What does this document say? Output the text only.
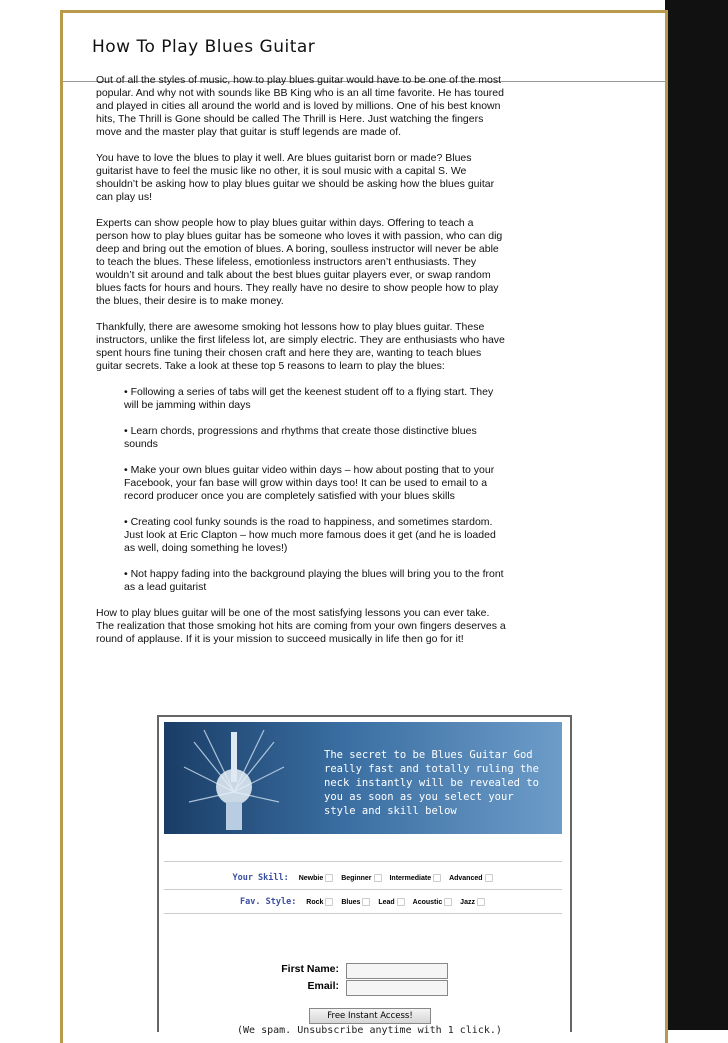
How To Play Blues Guitar

Out of all the styles of music, how to play blues guitar would have to be one of the most popular. And why not with sounds like BB King who is an all time favorite. He has toured and played in cities all around the world and is loved by millions. One of his best known hits, The Thrill is Gone should be called The Thrill is Here. Just watching the fingers move and the master play that guitar is stuff legends are made of.

You have to love the blues to play it well. Are blues guitarist born or made? Blues guitarist have to feel the music like no other, it is soul music with a capital S. We shouldn’t be asking how to play blues guitar we should be asking how the blues guitar can play us!

Experts can show people how to play blues guitar within days. Offering to teach a person how to play blues guitar has be someone who loves it with passion, who can dig deep and bring out the emotion of blues. A boring, soulless instructor will never be able to teach the blues. These lifeless, emotionless instructors aren’t enthusiasts. They wouldn’t sit around and talk about the best blues guitar players ever, or swap random blues facts for hours and hours. They really have no desire to show people how to play the blues, their desire is to make money.

Thankfully, there are awesome smoking hot lessons how to play blues guitar. These instructors, unlike the first lifeless lot, are simply electric. They are enthusiasts who have spent hours fine tuning their chosen craft and here they are, wanting to teach blues guitar secrets. Take a look at these top 5 reasons to learn to play the blues:

• Following a series of tabs will get the keenest student off to a flying start. They will be jamming within days

• Learn chords, progressions and rhythms that create those distinctive blues sounds

• Make your own blues guitar video within days – how about posting that to your Facebook, your fan base will grow within days too! It can be used to email to a record producer once you are completely satisfied with your blues skills

• Creating cool funky sounds is the road to happiness, and sometimes stardom. Just look at Eric Clapton – how much more famous does it get (and he is loaded as well, doing something he loves!)

• Not happy fading into the background playing the blues will bring you to the front as a lead guitarist

How to play blues guitar will be one of the most satisfying lessons you can ever take. The realization that those smoking hot hits are coming from your own fingers deserves a round of applause. If it is your mission to succeed musically in life then go for it!

The secret to be Blues Guitar God
really fast and totally ruling the
neck instantly will be revealed to
you as soon as you select your
style and skill below
Your Skill: Newbie	Beginner	Intermediate	Advanced
Fav. Style: Rock	Blues	Lead	Acoustic	Jazz
First Name:
Email:
Free Instant Access!
(We spam. Unsubscribe anytime with 1 click.)
